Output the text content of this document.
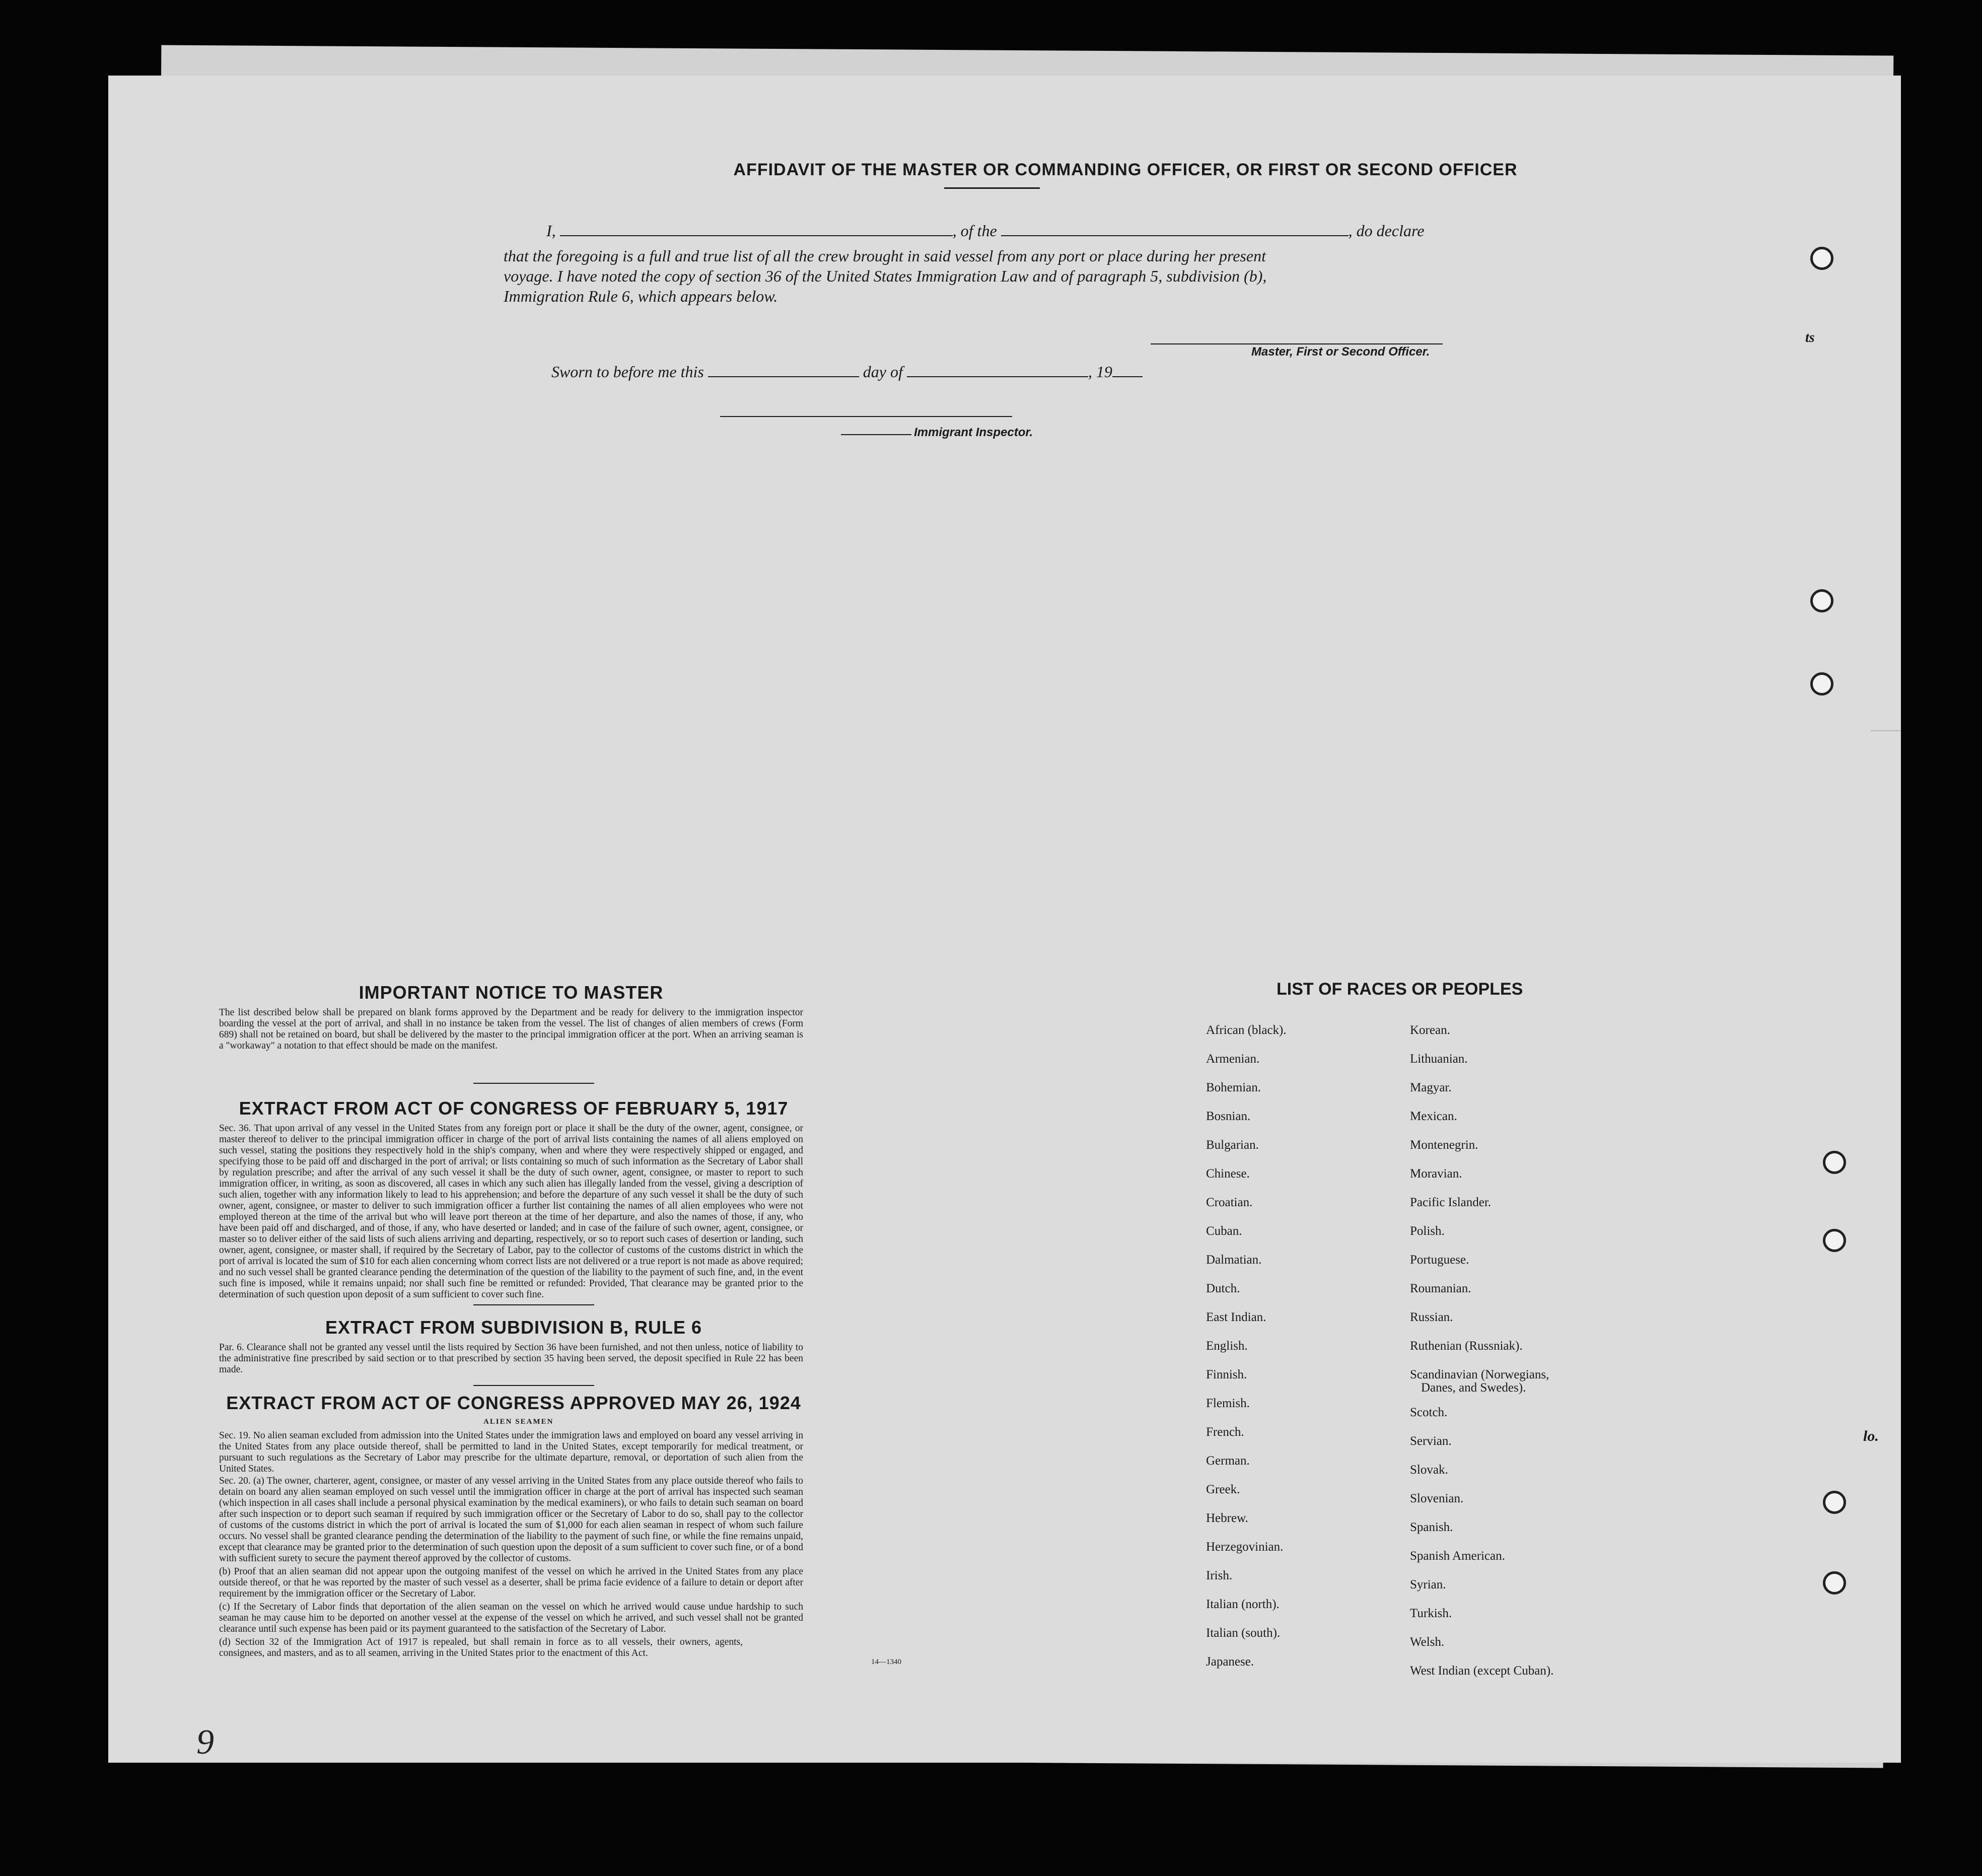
AFFIDAVIT OF THE MASTER OR COMMANDING OFFICER, OR FIRST OR SECOND OFFICER
I,	, of the	, do declare
that the foregoing is a full and true list of all the crew brought in said vessel from any port or place during her present
voyage. I have noted the copy of section 36 of the United States Immigration Law and of paragraph 5, subdivision (b),
Immigration Rule 6, which appears below.
Master, First or Second Officer.
Sworn to before me this	day of	, 19
Immigrant Inspector.
IMPORTANT NOTICE TO MASTER
The list described below shall be prepared on blank forms approved by the Department and be ready for delivery to the immigration inspector boarding the vessel at the port of arrival, and shall in no instance be taken from the vessel. The list of changes of alien members of crews (Form 689) shall not be retained on board, but shall be delivered by the master to the principal immigration officer at the port. When an arriving seaman is a "workaway" a notation to that effect should be made on the manifest.
EXTRACT FROM ACT OF CONGRESS OF FEBRUARY 5, 1917
Sec. 36. That upon arrival of any vessel in the United States from any foreign port or place it shall be the duty of the owner, agent, consignee, or master thereof to deliver to the principal immigration officer in charge of the port of arrival lists containing the names of all aliens employed on such vessel, stating the positions they respectively hold in the ship's company, when and where they were respectively shipped or engaged, and specifying those to be paid off and discharged in the port of arrival; or lists containing so much of such information as the Secretary of Labor shall by regulation prescribe; and after the arrival of any such vessel it shall be the duty of such owner, agent, consignee, or master to report to such immigration officer, in writing, as soon as discovered, all cases in which any such alien has illegally landed from the vessel, giving a description of such alien, together with any information likely to lead to his apprehension; and before the departure of any such vessel it shall be the duty of such owner, agent, consignee, or master to deliver to such immigration officer a further list containing the names of all alien employees who were not employed thereon at the time of the arrival but who will leave port thereon at the time of her departure, and also the names of those, if any, who have been paid off and discharged, and of those, if any, who have deserted or landed; and in case of the failure of such owner, agent, consignee, or master so to deliver either of the said lists of such aliens arriving and departing, respectively, or so to report such cases of desertion or landing, such owner, agent, consignee, or master shall, if required by the Secretary of Labor, pay to the collector of customs of the customs district in which the port of arrival is located the sum of $10 for each alien concerning whom correct lists are not delivered or a true report is not made as above required; and no such vessel shall be granted clearance pending the determination of the question of the liability to the payment of such fine, and, in the event such fine is imposed, while it remains unpaid; nor shall such fine be remitted or refunded: Provided, That clearance may be granted prior to the determination of such question upon deposit of a sum sufficient to cover such fine.
EXTRACT FROM SUBDIVISION B, RULE 6
Par. 6. Clearance shall not be granted any vessel until the lists required by Section 36 have been furnished, and not then unless, notice of liability to the administrative fine prescribed by said section or to that prescribed by section 35 having been served, the deposit specified in Rule 22 has been made.
EXTRACT FROM ACT OF CONGRESS APPROVED MAY 26, 1924
ALIEN SEAMEN
Sec. 19. No alien seaman excluded from admission into the United States under the immigration laws and employed on board any vessel arriving in the United States from any place outside thereof, shall be permitted to land in the United States, except temporarily for medical treatment, or pursuant to such regulations as the Secretary of Labor may prescribe for the ultimate departure, removal, or deportation of such alien from the United States.
Sec. 20. (a) The owner, charterer, agent, consignee, or master of any vessel arriving in the United States from any place outside thereof who fails to detain on board any alien seaman employed on such vessel until the immigration officer in charge at the port of arrival has inspected such seaman (which inspection in all cases shall include a personal physical examination by the medical examiners), or who fails to detain such seaman on board after such inspection or to deport such seaman if required by such immigration officer or the Secretary of Labor to do so, shall pay to the collector of customs of the customs district in which the port of arrival is located the sum of $1,000 for each alien seaman in respect of whom such failure occurs. No vessel shall be granted clearance pending the determination of the liability to the payment of such fine, or while the fine remains unpaid, except that clearance may be granted prior to the determination of such question upon the deposit of a sum sufficient to cover such fine, or of a bond with sufficient surety to secure the payment thereof approved by the collector of customs.
(b) Proof that an alien seaman did not appear upon the outgoing manifest of the vessel on which he arrived in the United States from any place outside thereof, or that he was reported by the master of such vessel as a deserter, shall be prima facie evidence of a failure to detain or deport after requirement by the immigration officer or the Secretary of Labor.
(c) If the Secretary of Labor finds that deportation of the alien seaman on the vessel on which he arrived would cause undue hardship to such seaman he may cause him to be deported on another vessel at the expense of the vessel on which he arrived, and such vessel shall not be granted clearance until such expense has been paid or its payment guaranteed to the satisfaction of the Secretary of Labor.
(d) Section 32 of the Immigration Act of 1917 is repealed, but shall remain in force as to all vessels, their owners, agents, consignees, and masters, and as to all seamen, arriving in the United States prior to the enactment of this Act.
14—1340
LIST OF RACES OR PEOPLES
9
ts
lo.
African (black).
Armenian.
Bohemian.
Bosnian.
Bulgarian.
Chinese.
Croatian.
Cuban.
Dalmatian.
Dutch.
East Indian.
English.
Finnish.
Flemish.
French.
German.
Greek.
Hebrew.
Herzegovinian.
Irish.
Italian (north).
Italian (south).
Japanese.
Korean.
Lithuanian.
Magyar.
Mexican.
Montenegrin.
Moravian.
Pacific Islander.
Polish.
Portuguese.
Roumanian.
Russian.
Ruthenian (Russniak).
Scandinavian (Norwegians,
Danes, and Swedes).
Scotch.
Servian.
Slovak.
Slovenian.
Spanish.
Spanish American.
Syrian.
Turkish.
Welsh.
West Indian (except Cuban).
